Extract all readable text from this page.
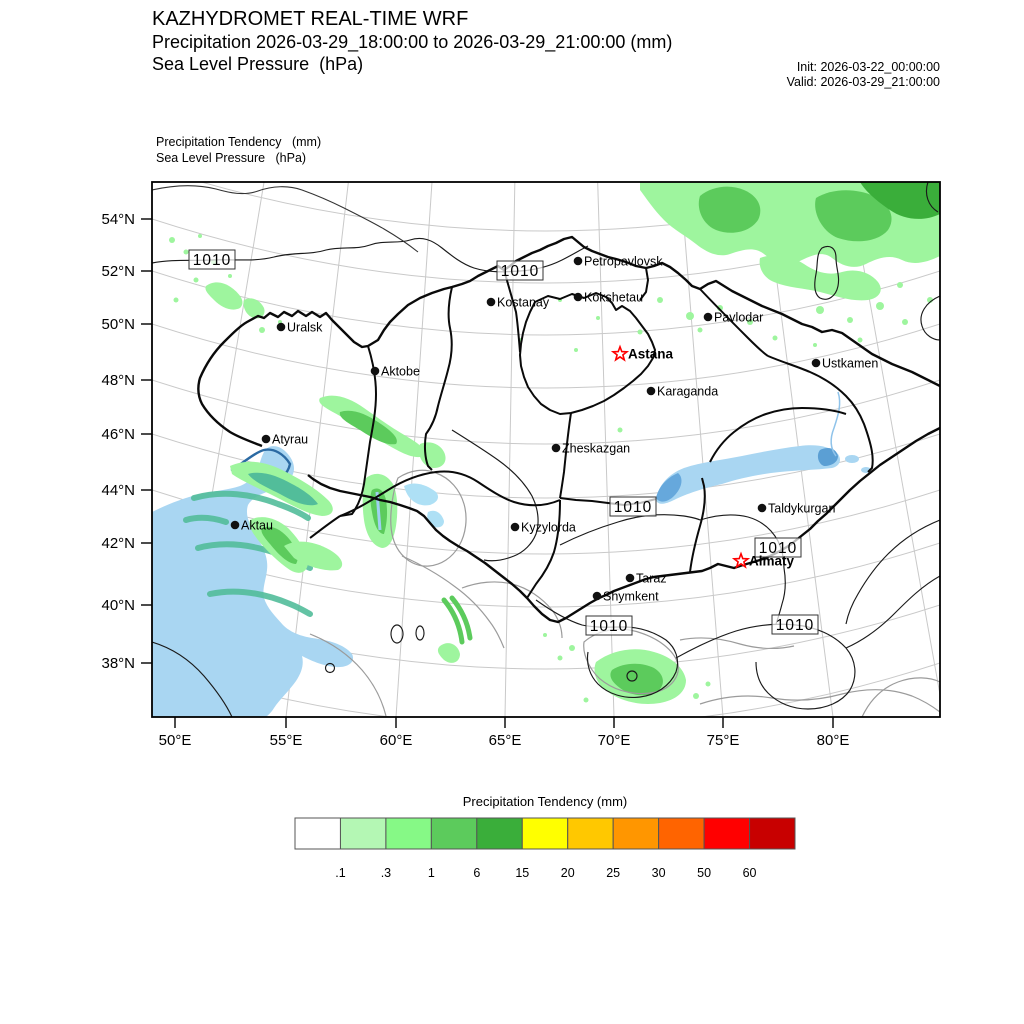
KAZHYDROMET REAL-TIME WRF
Precipitation 2026-03-29_18:00:00 to 2026-03-29_21:00:00 (mm)
Sea Level Pressure  (hPa)	Init: 2026-03-22_00:00:00
Valid: 2026-03-29_21:00:00
Precipitation Tendency   (mm)
Sea Level Pressure   (hPa)
1010
1010
1010
1010
1010	1010
Petropavlovsk
Kokshetau
Kostanay
Pavlodar
Uralsk
Ustkamen
Aktobe
Karaganda
Atyrau
Zheskazgan
Taldykurgan
Aktau	Kyzylorda
Taraz
Shymkent
Astana
Almaty
54°N
52°N
50°N
48°N
46°N
44°N
42°N
40°N
38°N
50°E	55°E	60°E	65°E	70°E	75°E	80°E
Precipitation Tendency (mm)
.1	.3	1	6	15	20	25	30	50	60
